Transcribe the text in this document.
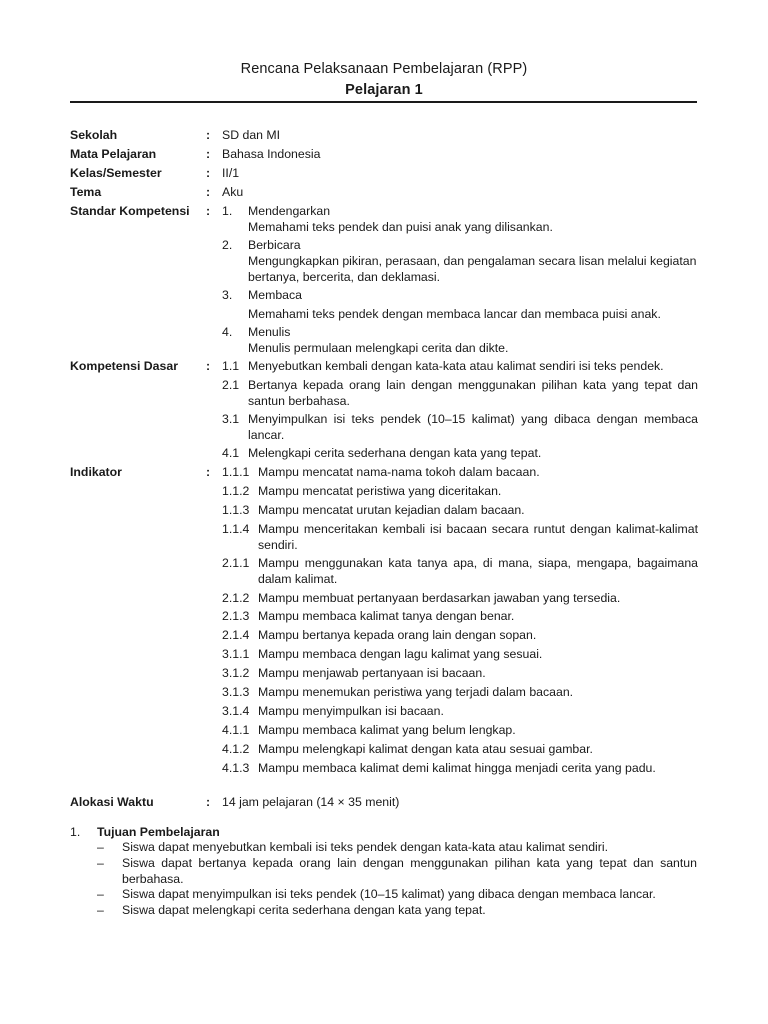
Rencana Pelaksanaan Pembelajaran (RPP)
Pelajaran 1
Sekolah	: SD dan MI
Mata Pelajaran	: Bahasa Indonesia
Kelas/Semester	: II/1
Tema	: Aku
Standar Kompetensi : 1. Mendengarkan
Memahami teks pendek dan puisi anak yang dilisankan.
2. Berbicara
Mengungkapkan pikiran, perasaan, dan pengalaman secara lisan melalui kegiatan bertanya, bercerita, dan deklamasi.
3. Membaca
Memahami teks pendek dengan membaca lancar dan membaca puisi anak.
4. Menulis
Menulis permulaan melengkapi cerita dan dikte.
Kompetensi Dasar : 1.1 Menyebutkan kembali dengan kata-kata atau kalimat sendiri isi teks pendek.
2.1 Bertanya kepada orang lain dengan menggunakan pilihan kata yang tepat dan santun berbahasa.
3.1 Menyimpulkan isi teks pendek (10–15 kalimat) yang dibaca dengan membaca lancar.
4.1 Melengkapi cerita sederhana dengan kata yang tepat.
Indikator	: 1.1.1 Mampu mencatat nama-nama tokoh dalam bacaan.
1.1.2 Mampu mencatat peristiwa yang diceritakan.
1.1.3 Mampu mencatat urutan kejadian dalam bacaan.
1.1.4 Mampu menceritakan kembali isi bacaan secara runtut dengan kalimat-kalimat sendiri.
2.1.1 Mampu menggunakan kata tanya apa, di mana, siapa, mengapa, bagaimana dalam kalimat.
2.1.2 Mampu membuat pertanyaan berdasarkan jawaban yang tersedia.
2.1.3 Mampu membaca kalimat tanya dengan benar.
2.1.4 Mampu bertanya kepada orang lain dengan sopan.
3.1.1 Mampu membaca dengan lagu kalimat yang sesuai.
3.1.2 Mampu menjawab pertanyaan isi bacaan.
3.1.3 Mampu menemukan peristiwa yang terjadi dalam bacaan.
3.1.4 Mampu menyimpulkan isi bacaan.
4.1.1 Mampu membaca kalimat yang belum lengkap.
4.1.2 Mampu melengkapi kalimat dengan kata atau sesuai gambar.
4.1.3 Mampu membaca kalimat demi kalimat hingga menjadi cerita yang padu.
Alokasi Waktu	: 14 jam pelajaran (14 × 35 menit)
1. Tujuan Pembelajaran
– Siswa dapat menyebutkan kembali isi teks pendek dengan kata-kata atau kalimat sendiri.
– Siswa dapat bertanya kepada orang lain dengan menggunakan pilihan kata yang tepat dan santun berbahasa.
– Siswa dapat menyimpulkan isi teks pendek (10–15 kalimat) yang dibaca dengan membaca lancar.
– Siswa dapat melengkapi cerita sederhana dengan kata yang tepat.
